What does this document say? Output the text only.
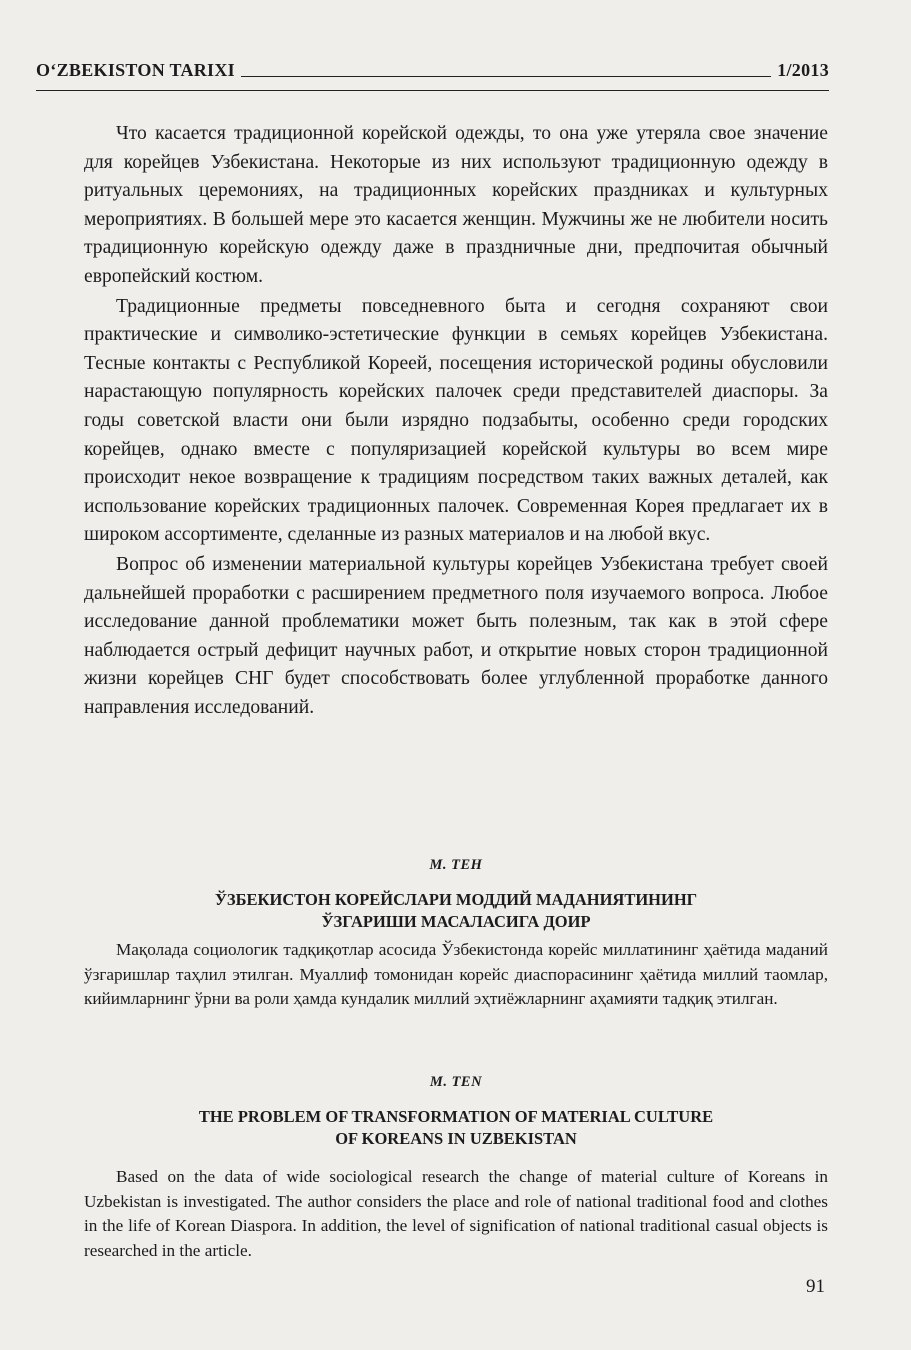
O‘ZBEKISTON TARIXI	1/2013

Что касается традиционной корейской одежды, то она уже утеряла свое значение для корейцев Узбекистана. Некоторые из них используют традиционную одежду в ритуальных церемониях, на традиционных корейских праздниках и культурных мероприятиях. В большей мере это касается женщин. Мужчины же не любители носить традиционную корейскую одежду даже в праздничные дни, предпочитая обычный европейский костюм.

Традиционные предметы повседневного быта и сегодня сохраняют свои практические и символико-эстетические функции в семьях корейцев Узбекистана. Тесные контакты с Республикой Кореей, посещения исторической родины обусловили нарастающую популярность корейских палочек среди представителей диаспоры. За годы советской власти они были изрядно подзабыты, особенно среди городских корейцев, однако вместе с популяризацией корейской культуры во всем мире происходит некое возвращение к традициям посредством таких важных деталей, как использование корейских традиционных палочек. Современная Корея предлагает их в широком ассортименте, сделанные из разных материалов и на любой вкус.

Вопрос об изменении материальной культуры корейцев Узбекистана требует своей дальнейшей проработки с расширением предметного поля изучаемого вопроса. Любое исследование данной проблематики может быть полезным, так как в этой сфере наблюдается острый дефицит научных работ, и открытие новых сторон традиционной жизни корейцев СНГ будет способствовать более углубленной проработке данного направления исследований.

М. ТЕН
ЎЗБЕКИСТОН КОРЕЙСЛАРИ МОДДИЙ МАДАНИЯТИНИНГ
ЎЗГАРИШИ МАСАЛАСИГА ДОИР

Мақолада социологик тадқиқотлар асосида Ўзбекистонда корейс миллатининг ҳаётида маданий ўзгаришлар таҳлил этилган. Муаллиф томонидан корейс диаспорасининг ҳаётида миллий таомлар, кийимларнинг ўрни ва роли ҳамда кундалик миллий эҳтиёжларнинг аҳамияти тадқиқ этилган.

M. TEN
THE PROBLEM OF TRANSFORMATION OF MATERIAL CULTURE
OF KOREANS IN UZBEKISTAN

Based on the data of wide sociological research the change of material culture of Koreans in Uzbekistan is investigated. The author considers the place and role of national traditional food and clothes in the life of Korean Diaspora. In addition, the level of signification of national traditional casual objects is researched in the article.

91
